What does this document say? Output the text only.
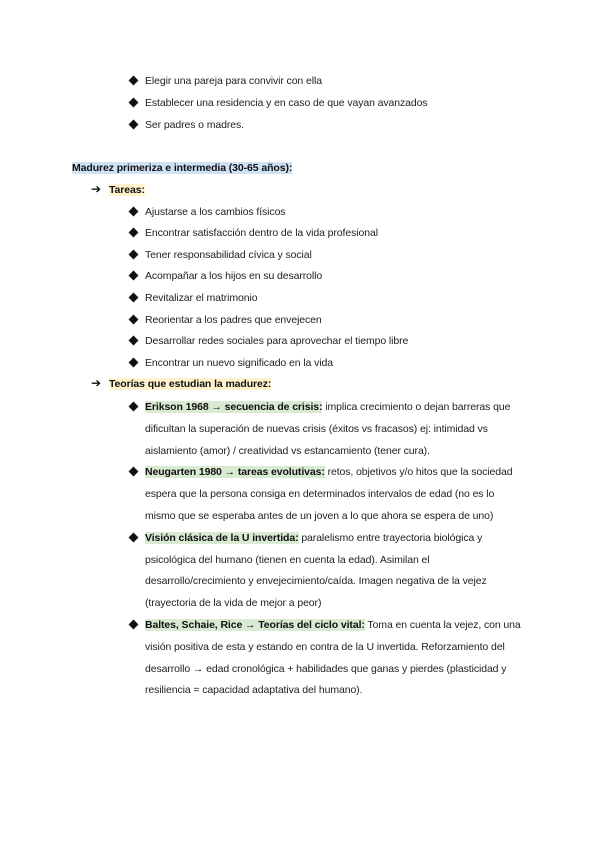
Elegir una pareja para convivir con ella
Establecer una residencia y en caso de que vayan avanzados
Ser padres o madres.
Madurez primeriza e intermedia (30-65 años):
➔ Tareas:
Ajustarse a los cambios físicos
Encontrar satisfacción dentro de la vida profesional
Tener responsabilidad cívica y social
Acompañar a los hijos en su desarrollo
Revitalizar el matrimonio
Reorientar a los padres que envejecen
Desarrollar redes sociales para aprovechar el tiempo libre
Encontrar un nuevo significado en la vida
➔ Teorías que estudian la madurez:
Erikson 1968 → secuencia de crisis: implica crecimiento o dejan barreras que
dificultan la superación de nuevas crisis (éxitos vs fracasos) ej: intimidad vs
aislamiento (amor) / creatividad vs estancamiento (tener cura).
Neugarten 1980 → tareas evolutivas: retos, objetivos y/o hitos que la sociedad
espera que la persona consiga en determinados intervalos de edad (no es lo
mismo que se esperaba antes de un joven a lo que ahora se espera de uno)
Visión clásica de la U invertida: paralelismo entre trayectoria biológica y
psicológica del humano (tienen en cuenta la edad). Asimilan el
desarrollo/crecimiento y envejecimiento/caída. Imagen negativa de la vejez
(trayectoria de la vida de mejor a peor)
Baltes, Schaie, Rice → Teorías del ciclo vital: Toma en cuenta la vejez, con una
visión positiva de esta y estando en contra de la U invertida. Reforzamiento del
desarrollo → edad cronológica + habilidades que ganas y pierdes (plasticidad y
resiliencia = capacidad adaptativa del humano).
